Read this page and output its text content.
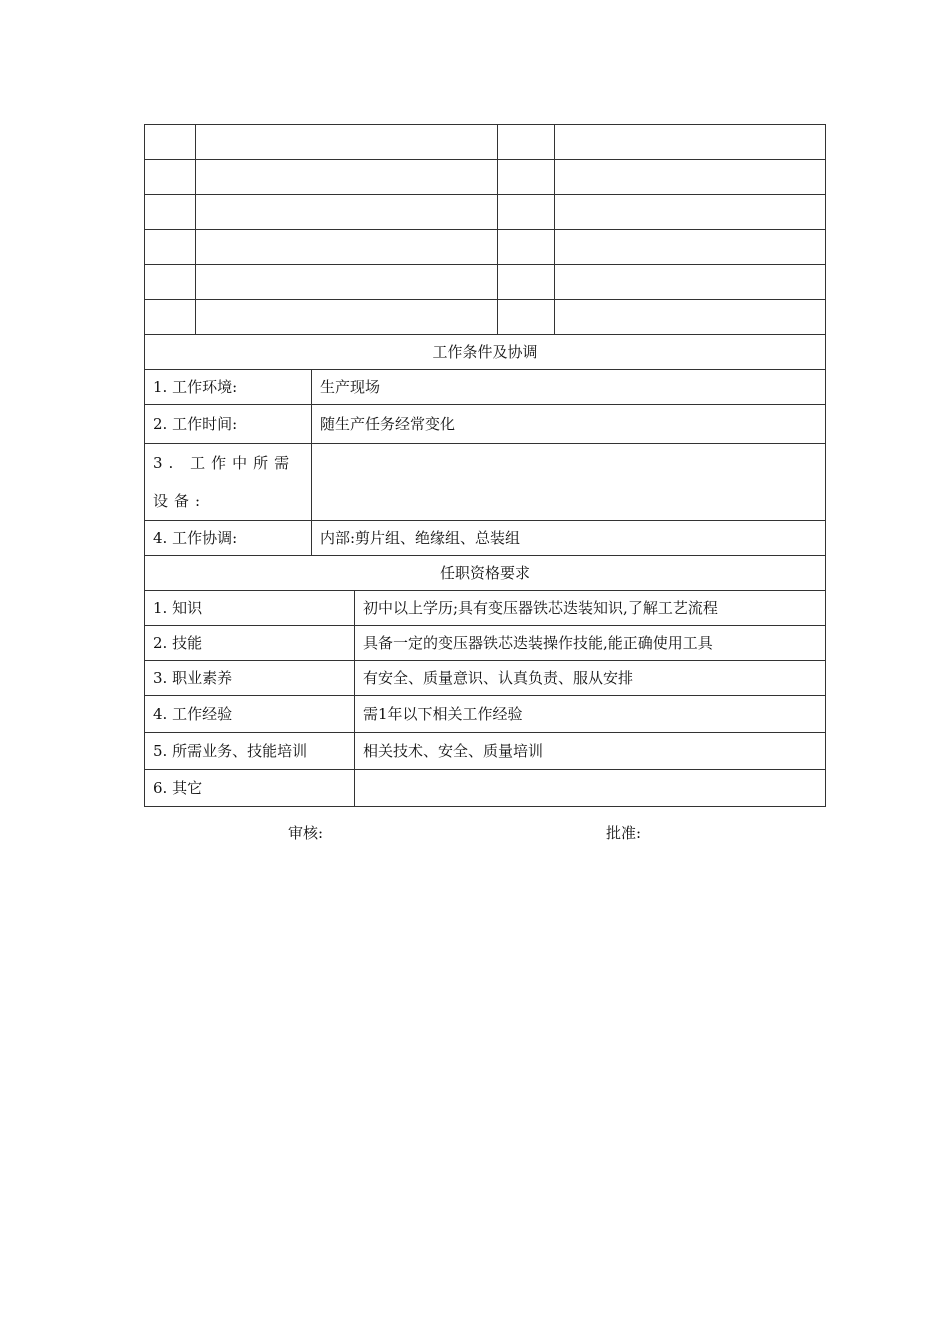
工作条件及协调	
1. 工作环境:	生产现场
2. 工作时间:	随生产任务经常变化
3. 工作中所需设备:	
4. 工作协调:	内部:剪片组、绝缘组、总装组
任职资格要求	
1. 知识	初中以上学历;具有变压器铁芯迭装知识,了解工艺流程
2. 技能	具备一定的变压器铁芯迭装操作技能,能正确使用工具
3. 职业素养	有安全、质量意识、认真负责、服从安排
4. 工作经验	需1年以下相关工作经验
5. 所需业务、技能培训	相关技术、安全、质量培训
6. 其它	
审核:	批准:
